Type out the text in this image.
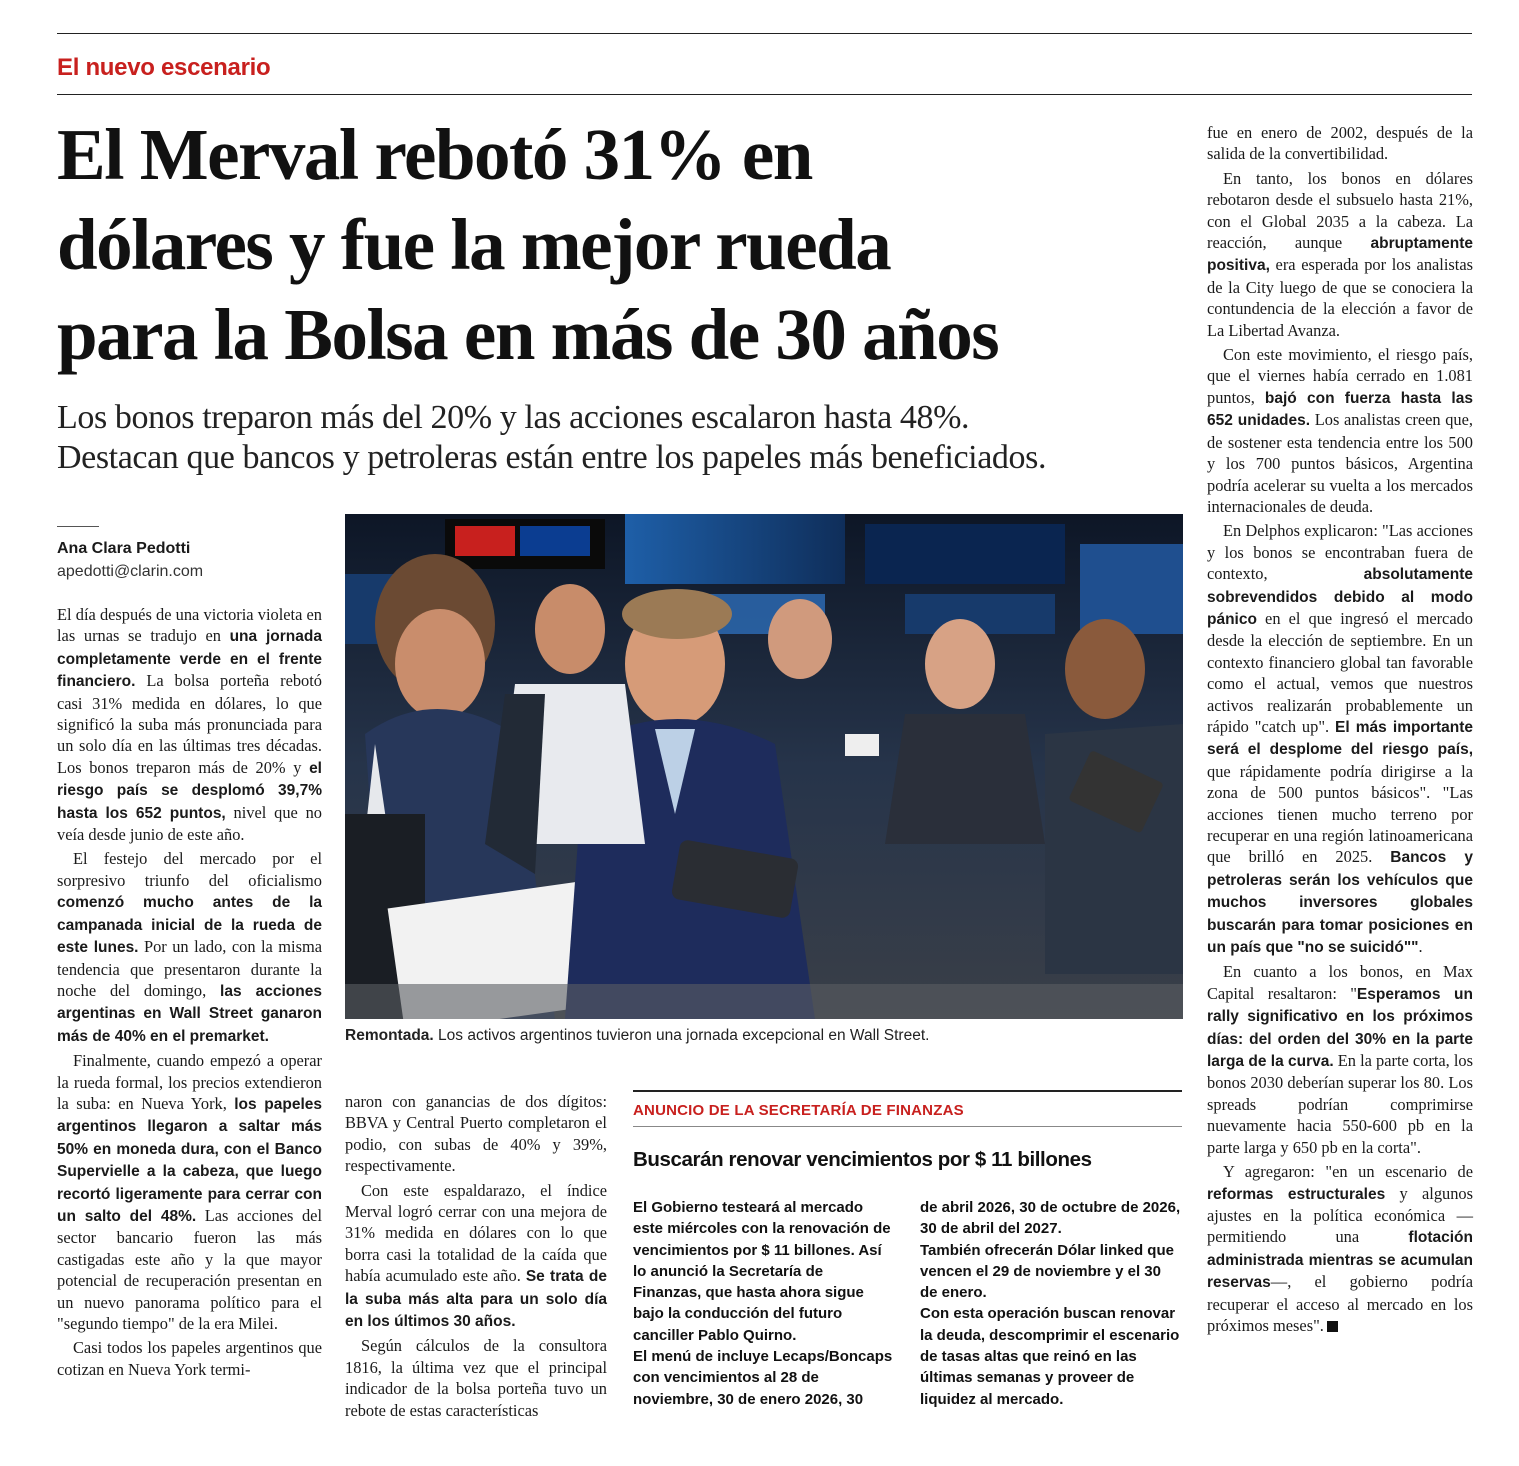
El nuevo escenario
El Merval rebotó 31% en
dólares y fue la mejor rueda
para la Bolsa en más de 30 años
Los bonos treparon más del 20% y las acciones escalaron hasta 48%.
Destacan que bancos y petroleras están entre los papeles más beneficiados.
Ana Clara Pedotti
apedotti@clarin.com

El día después de una victoria violeta en las urnas se tradujo en una jornada completamente verde en el frente financiero. La bolsa porteña rebotó casi 31% medida en dólares, lo que significó la suba más pronunciada para un solo día en las últimas tres décadas. Los bonos treparon más de 20% y el riesgo país se desplomó 39,7% hasta los 652 puntos, nivel que no veía desde junio de este año.

El festejo del mercado por el sorpresivo triunfo del oficialismo comenzó mucho antes de la campanada inicial de la rueda de este lunes. Por un lado, con la misma tendencia que presentaron durante la noche del domingo, las acciones argentinas en Wall Street ganaron más de 40% en el premarket.

Finalmente, cuando empezó a operar la rueda formal, los precios extendieron la suba: en Nueva York, los papeles argentinos llegaron a saltar más 50% en moneda dura, con el Banco Supervielle a la cabeza, que luego recortó ligeramente para cerrar con un salto del 48%. Las acciones del sector bancario fueron las más castigadas este año y la que mayor potencial de recuperación presentan en un nuevo panorama político para el "segundo tiempo" de la era Milei.

Casi todos los papeles argentinos que cotizan en Nueva York termi-

Remontada. Los activos argentinos tuvieron una jornada excepcional en Wall Street.

naron con ganancias de dos dígitos: BBVA y Central Puerto completaron el podio, con subas de 40% y 39%, respectivamente.

Con este espaldarazo, el índice Merval logró cerrar con una mejora de 31% medida en dólares con lo que borra casi la totalidad de la caída que había acumulado este año. Se trata de la suba más alta para un solo día en los últimos 30 años.

Según cálculos de la consultora 1816, la última vez que el principal indicador de la bolsa porteña tuvo un rebote de estas características

ANUNCIO DE LA SECRETARÍA DE FINANZAS
Buscarán renovar vencimientos por $ 11 billones

El Gobierno testeará al mercado este miércoles con la renovación de vencimientos por $ 11 billones. Así lo anunció la Secretaría de Finanzas, que hasta ahora sigue bajo la conducción del futuro canciller Pablo Quirno.

El menú de incluye Lecaps/Boncaps con vencimientos al 28 de noviembre, 30 de enero 2026, 30

de abril 2026, 30 de octubre de 2026, 30 de abril del 2027.

También ofrecerán Dólar linked que vencen el 29 de noviembre y el 30 de enero.

Con esta operación buscan renovar la deuda, descomprimir el escenario de tasas altas que reinó en las últimas semanas y proveer de liquidez al mercado.

fue en enero de 2002, después de la salida de la convertibilidad.

En tanto, los bonos en dólares rebotaron desde el subsuelo hasta 21%, con el Global 2035 a la cabeza. La reacción, aunque abruptamente positiva, era esperada por los analistas de la City luego de que se conociera la contundencia de la elección a favor de La Libertad Avanza.

Con este movimiento, el riesgo país, que el viernes había cerrado en 1.081 puntos, bajó con fuerza hasta las 652 unidades. Los analistas creen que, de sostener esta tendencia entre los 500 y los 700 puntos básicos, Argentina podría acelerar su vuelta a los mercados internacionales de deuda.

En Delphos explicaron: "Las acciones y los bonos se encontraban fuera de contexto, absolutamente sobrevendidos debido al modo pánico en el que ingresó el mercado desde la elección de septiembre. En un contexto financiero global tan favorable como el actual, vemos que nuestros activos realizarán probablemente un rápido "catch up". El más importante será el desplome del riesgo país, que rápidamente podría dirigirse a la zona de 500 puntos básicos". "Las acciones tienen mucho terreno por recuperar en una región latinoamericana que brilló en 2025. Bancos y petroleras serán los vehículos que muchos inversores globales buscarán para tomar posiciones en un país que "no se suicidó"".

En cuanto a los bonos, en Max Capital resaltaron: "Esperamos un rally significativo en los próximos días: del orden del 30% en la parte larga de la curva. En la parte corta, los bonos 2030 deberían superar los 80. Los spreads podrían comprimirse nuevamente hacia 550-600 pb en la parte larga y 650 pb en la corta".

Y agregaron: "en un escenario de reformas estructurales y algunos ajustes en la política económica —permitiendo una flotación administrada mientras se acumulan reservas—, el gobierno podría recuperar el acceso al mercado en los próximos meses".
